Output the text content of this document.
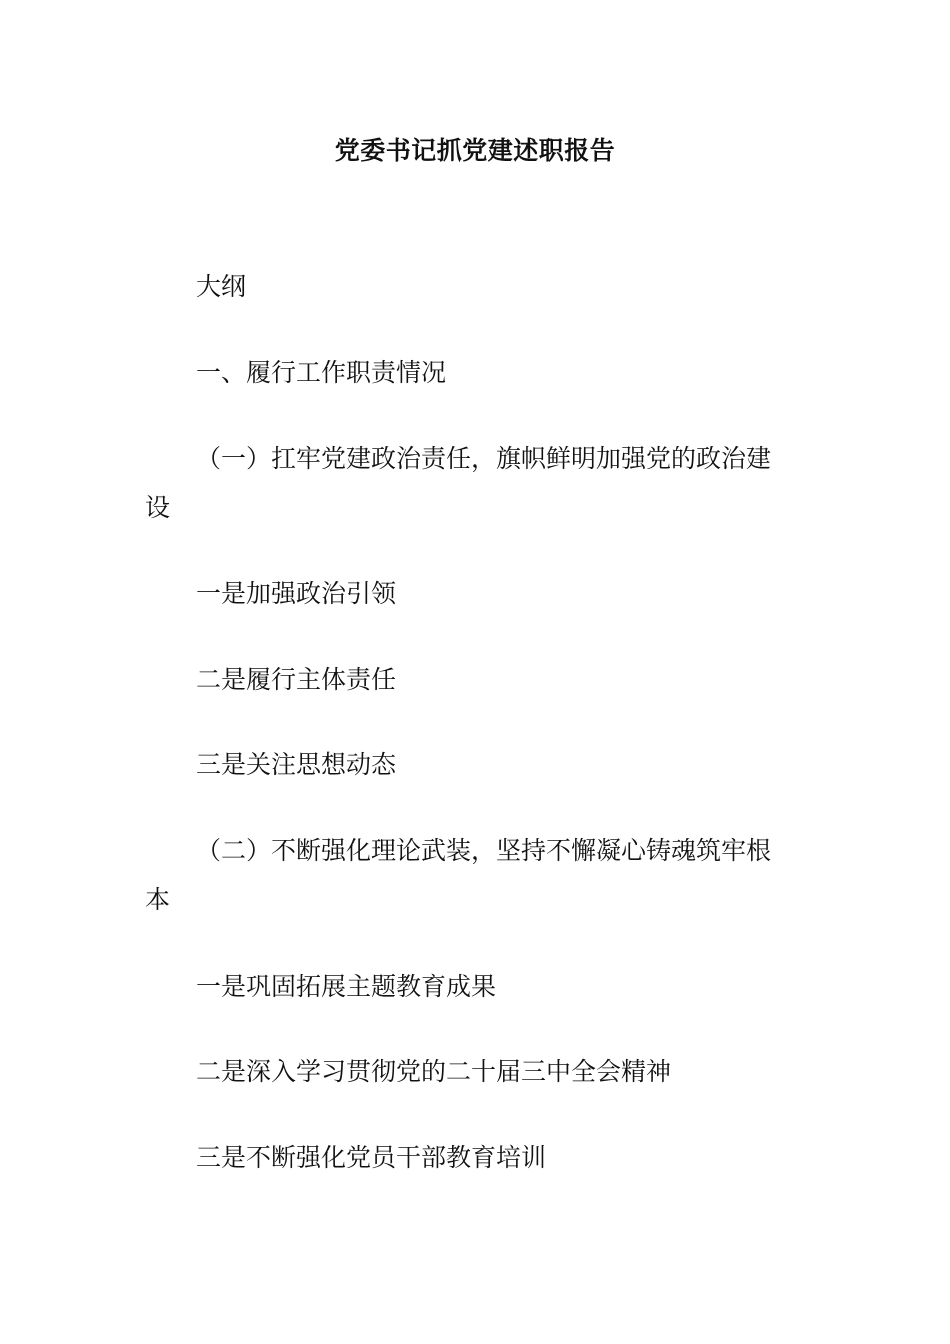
党委书记抓党建述职报告

大纲

一、履行工作职责情况

（一）扛牢党建政治责任，旗帜鲜明加强党的政治建设

一是加强政治引领

二是履行主体责任

三是关注思想动态

（二）不断强化理论武装，坚持不懈凝心铸魂筑牢根本

一是巩固拓展主题教育成果

二是深入学习贯彻党的二十届三中全会精神

三是不断强化党员干部教育培训
